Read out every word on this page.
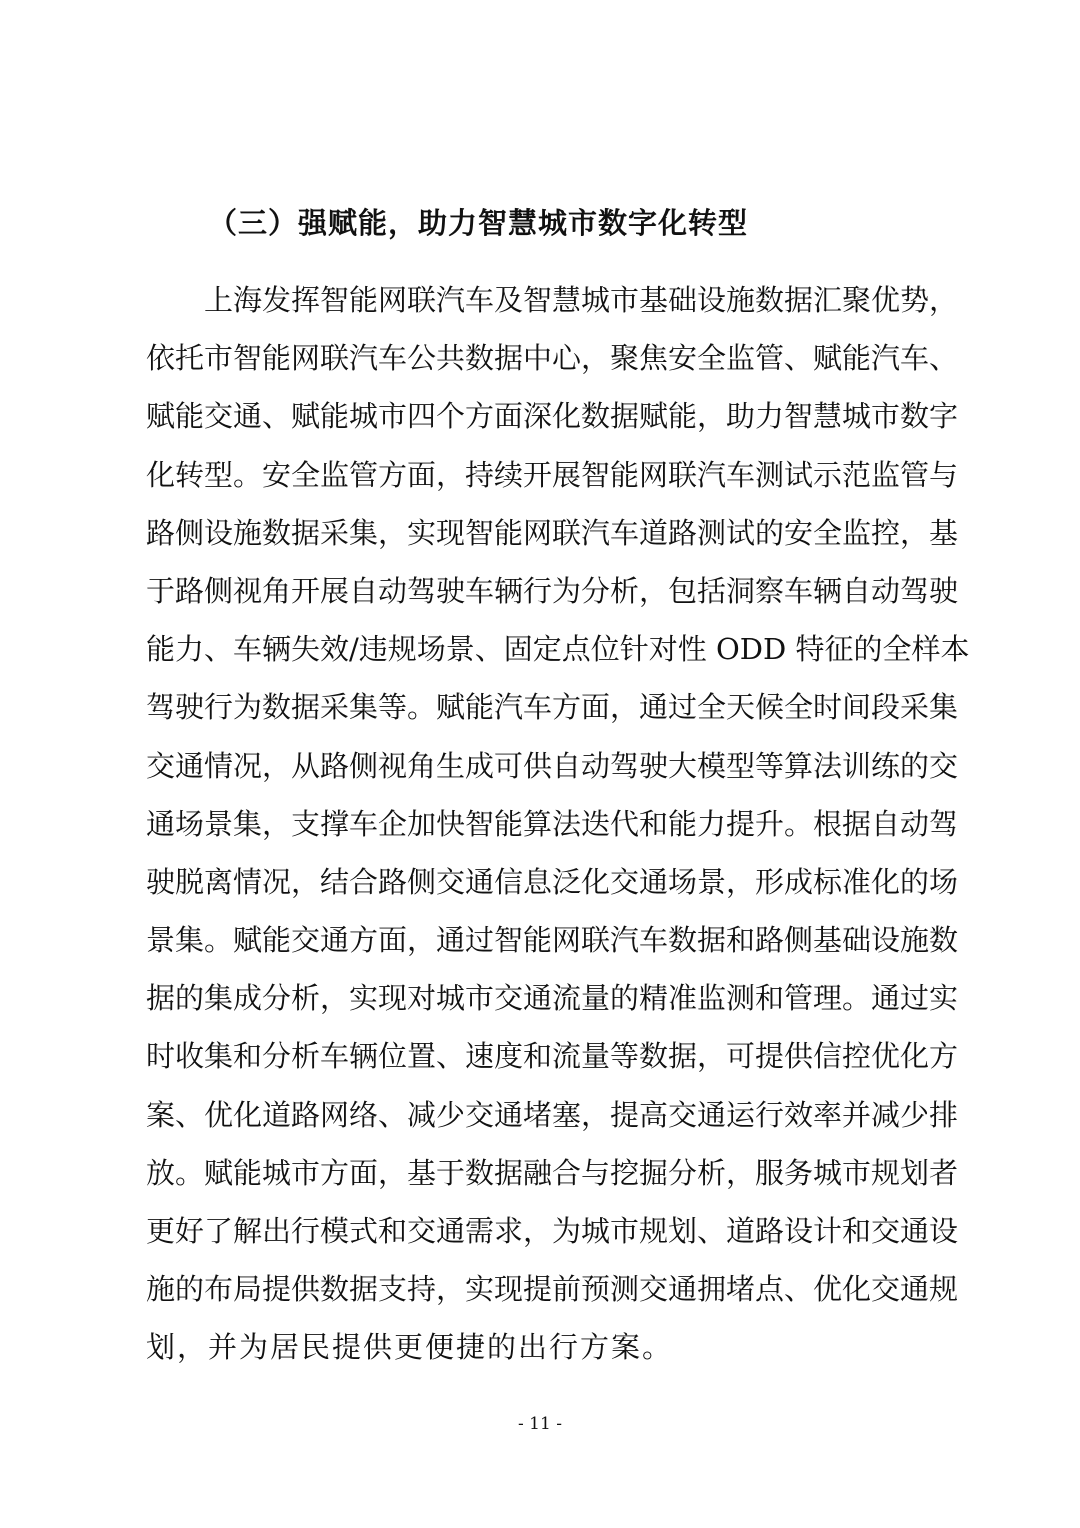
（三）强赋能，助力智慧城市数字化转型
上海发挥智能网联汽车及智慧城市基础设施数据汇聚优势，
依托市智能网联汽车公共数据中心，聚焦安全监管、赋能汽车、
赋能交通、赋能城市四个方面深化数据赋能，助力智慧城市数字
化转型。安全监管方面，持续开展智能网联汽车测试示范监管与
路侧设施数据采集，实现智能网联汽车道路测试的安全监控，基
于路侧视角开展自动驾驶车辆行为分析，包括洞察车辆自动驾驶
能力、车辆失效/违规场景、固定点位针对性 ODD 特征的全样本
驾驶行为数据采集等。赋能汽车方面，通过全天候全时间段采集
交通情况，从路侧视角生成可供自动驾驶大模型等算法训练的交
通场景集，支撑车企加快智能算法迭代和能力提升。根据自动驾
驶脱离情况，结合路侧交通信息泛化交通场景，形成标准化的场
景集。赋能交通方面，通过智能网联汽车数据和路侧基础设施数
据的集成分析，实现对城市交通流量的精准监测和管理。通过实
时收集和分析车辆位置、速度和流量等数据，可提供信控优化方
案、优化道路网络、减少交通堵塞，提高交通运行效率并减少排
放。赋能城市方面，基于数据融合与挖掘分析，服务城市规划者
更好了解出行模式和交通需求，为城市规划、道路设计和交通设
施的布局提供数据支持，实现提前预测交通拥堵点、优化交通规
划，并为居民提供更便捷的出行方案。
- 11 -
